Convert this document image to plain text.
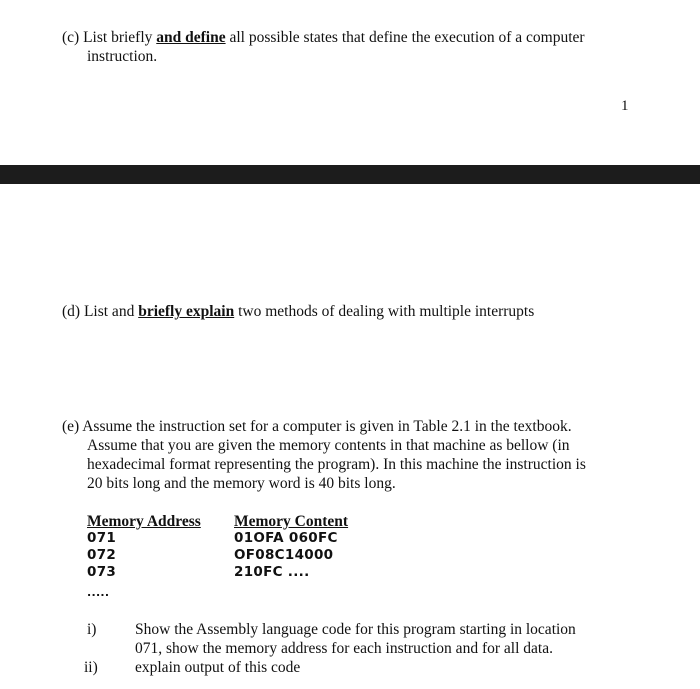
(c) List briefly and define all possible states that define the execution of a computer
instruction.
1
(d) List and briefly explain two methods of dealing with multiple interrupts
(e) Assume the instruction set for a computer is given in Table 2.1 in the textbook.
Assume that you are given the memory contents in that machine as bellow (in
hexadecimal format representing the program). In this machine the instruction is
20 bits long and the memory word is 40 bits long.
Memory Address Memory Content
071	01OFA 060FC
072	OF08C14000
073	210FC ....
.....
i) Show the Assembly language code for this program starting in location
071, show the memory address for each instruction and for all data.
ii) explain output of this code
